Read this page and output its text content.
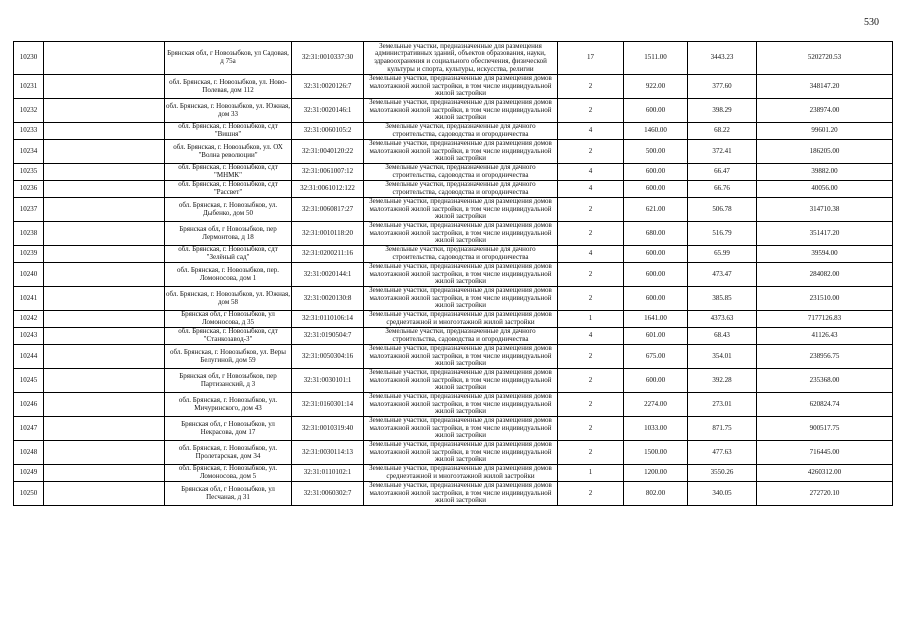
530
10230		Брянская обл, г Новозыбков, ул Садовая, д 75а	32:31:0010337:30	Земельные участки, предназначенные для размещения административных зданий, объектов образования, науки, здравоохранения и социального обеспечения, физической культуры и спорта, культуры, искусства, религии	17	1511.00	3443.23	5202720.53
10231		обл. Брянская, г. Новозыбков, ул. Ново-Полевая, дом 112	32:31:0020126:7	Земельные участки, предназначенные для размещения домов малоэтажной жилой застройки, в том числе индивидуальной жилой застройки	2	922.00	377.60	348147.20
10232		обл. Брянская, г. Новозыбков, ул. Южная, дом 33	32:31:0020146:1	Земельные участки, предназначенные для размещения домов малоэтажной жилой застройки, в том числе индивидуальной жилой застройки	2	600.00	398.29	238974.00
10233		обл. Брянская, г. Новозыбков, сдт "Вишня"	32:31:0060105:2	Земельные участки, предназначенные для дачного строительства, садоводства и огородничества	4	1460.00	68.22	99601.20
10234		обл. Брянская, г. Новозыбков, ул. ОХ "Волна революции"	32:31:0040120:22	Земельные участки, предназначенные для размещения домов малоэтажной жилой застройки, в том числе индивидуальной жилой застройки	2	500.00	372.41	186205.00
10235		обл. Брянская, г. Новозыбков, сдт "МНМК"	32:31:0061007:12	Земельные участки, предназначенные для дачного строительства, садоводства и огородничества	4	600.00	66.47	39882.00
10236		обл. Брянская, г. Новозыбков, сдт "Рассвет"	32:31:0061012:122	Земельные участки, предназначенные для дачного строительства, садоводства и огородничества	4	600.00	66.76	40056.00
10237		обл. Брянская, г. Новозыбков, ул. Дыбенко, дом 50	32:31:0060817:27	Земельные участки, предназначенные для размещения домов малоэтажной жилой застройки, в том числе индивидуальной жилой застройки	2	621.00	506.78	314710.38
10238		Брянская обл, г Новозыбков, пер Лермонтова, д 18	32:31:0010118:20	Земельные участки, предназначенные для размещения домов малоэтажной жилой застройки, в том числе индивидуальной жилой застройки	2	680.00	516.79	351417.20
10239		обл. Брянская, г. Новозыбков, сдт "Зелёный сад"	32:31:0200211:16	Земельные участки, предназначенные для дачного строительства, садоводства и огородничества	4	600.00	65.99	39594.00
10240		обл. Брянская, г. Новозыбков, пер. Ломоносова, дом 1	32:31:0020144:1	Земельные участки, предназначенные для размещения домов малоэтажной жилой застройки, в том числе индивидуальной жилой застройки	2	600.00	473.47	284082.00
10241		обл. Брянская, г. Новозыбков, ул. Южная, дом 58	32:31:0020130:8	Земельные участки, предназначенные для размещения домов малоэтажной жилой застройки, в том числе индивидуальной жилой застройки	2	600.00	385.85	231510.00
10242		Брянская обл, г Новозыбков, ул Ломоносова, д 35	32:31:0110106:14	Земельные участки, предназначенные для размещения домов среднеэтажной и многоэтажной жилой застройки	1	1641.00	4373.63	7177126.83
10243		обл. Брянская, г. Новозыбков, сдт "Станкозавод-3"	32:31:0190504:7	Земельные участки, предназначенные для дачного строительства, садоводства и огородничества	4	601.00	68.43	41126.43
10244		обл. Брянская, г. Новозыбков, ул. Веры Белугиной, дом 59	32:31:0050304:16	Земельные участки, предназначенные для размещения домов малоэтажной жилой застройки, в том числе индивидуальной жилой застройки	2	675.00	354.01	238956.75
10245		Брянская обл, г Новозыбков, пер Партизанский, д 3	32:31:0030101:1	Земельные участки, предназначенные для размещения домов малоэтажной жилой застройки, в том числе индивидуальной жилой застройки	2	600.00	392.28	235368.00
10246		обл. Брянская, г. Новозыбков, ул. Мичуринского, дом 43	32:31:0160301:14	Земельные участки, предназначенные для размещения домов малоэтажной жилой застройки, в том числе индивидуальной жилой застройки	2	2274.00	273.01	620824.74
10247		Брянская обл, г Новозыбков, ул Некрасова, дом 17	32:31:0010319:40	Земельные участки, предназначенные для размещения домов малоэтажной жилой застройки, в том числе индивидуальной жилой застройки	2	1033.00	871.75	900517.75
10248		обл. Брянская, г. Новозыбков, ул. Пролетарская, дом 34	32:31:0030114:13	Земельные участки, предназначенные для размещения домов малоэтажной жилой застройки, в том числе индивидуальной жилой застройки	2	1500.00	477.63	716445.00
10249		обл. Брянская, г. Новозыбков, ул. Ломоносова, дом 5	32:31:0110102:1	Земельные участки, предназначенные для размещения домов среднеэтажной и многоэтажной жилой застройки	1	1200.00	3550.26	4260312.00
10250		Брянская обл, г Новозыбков, ул Песчаная, д 31	32:31:0060302:7	Земельные участки, предназначенные для размещения домов малоэтажной жилой застройки, в том числе индивидуальной жилой застройки	2	802.00	340.05	272720.10
